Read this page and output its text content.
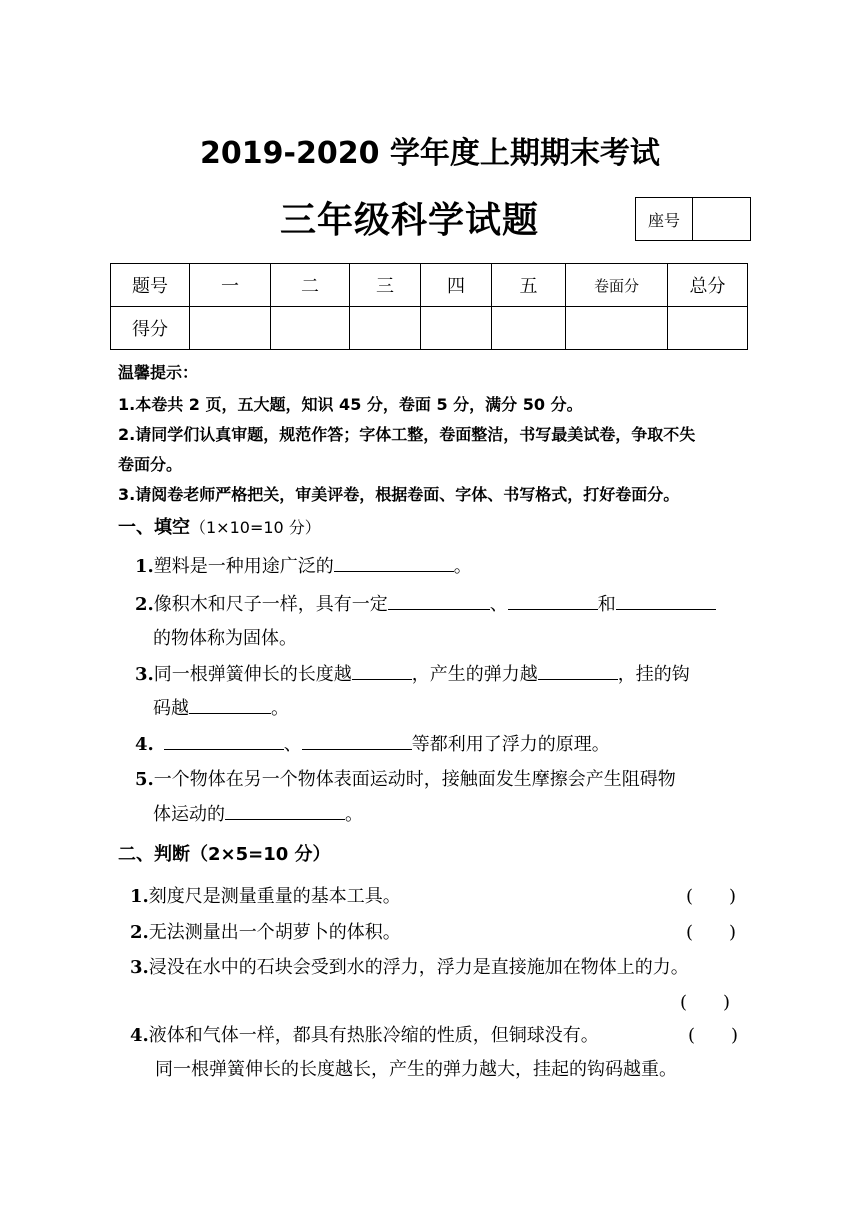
2019-2020 学年度上期期末考试
三年级科学试题	座号
题号	一	二	三	四	五	卷面分	总分
得分							
温馨提示：
1.本卷共 2 页，五大题，知识 45 分，卷面 5 分，满分 50 分。
2.请同学们认真审题，规范作答；字体工整，卷面整洁，书写最美试卷，争取不失
卷面分。
3.请阅卷老师严格把关，审美评卷，根据卷面、字体、书写格式，打好卷面分。
一、填空（1×10=10 分）
1.塑料是一种用途广泛的	。
2.像积木和尺子一样，具有一定	、	和
的物体称为固体。
3.同一根弹簧伸长的长度越	，产生的弹力越	，挂的钩
码越	。
4.	、	等都利用了浮力的原理。
5.一个物体在另一个物体表面运动时，接触面发生摩擦会产生阻碍物
体运动的	。
二、判断（2×5=10 分）
1.刻度尺是测量重量的基本工具。	(　　)
2.无法测量出一个胡萝卜的体积。	(　　)
3.浸没在水中的石块会受到水的浮力，浮力是直接施加在物体上的力。
(　　)
4.液体和气体一样，都具有热胀冷缩的性质，但铜球没有。	(　　)
同一根弹簧伸长的长度越长，产生的弹力越大，挂起的钩码越重。
